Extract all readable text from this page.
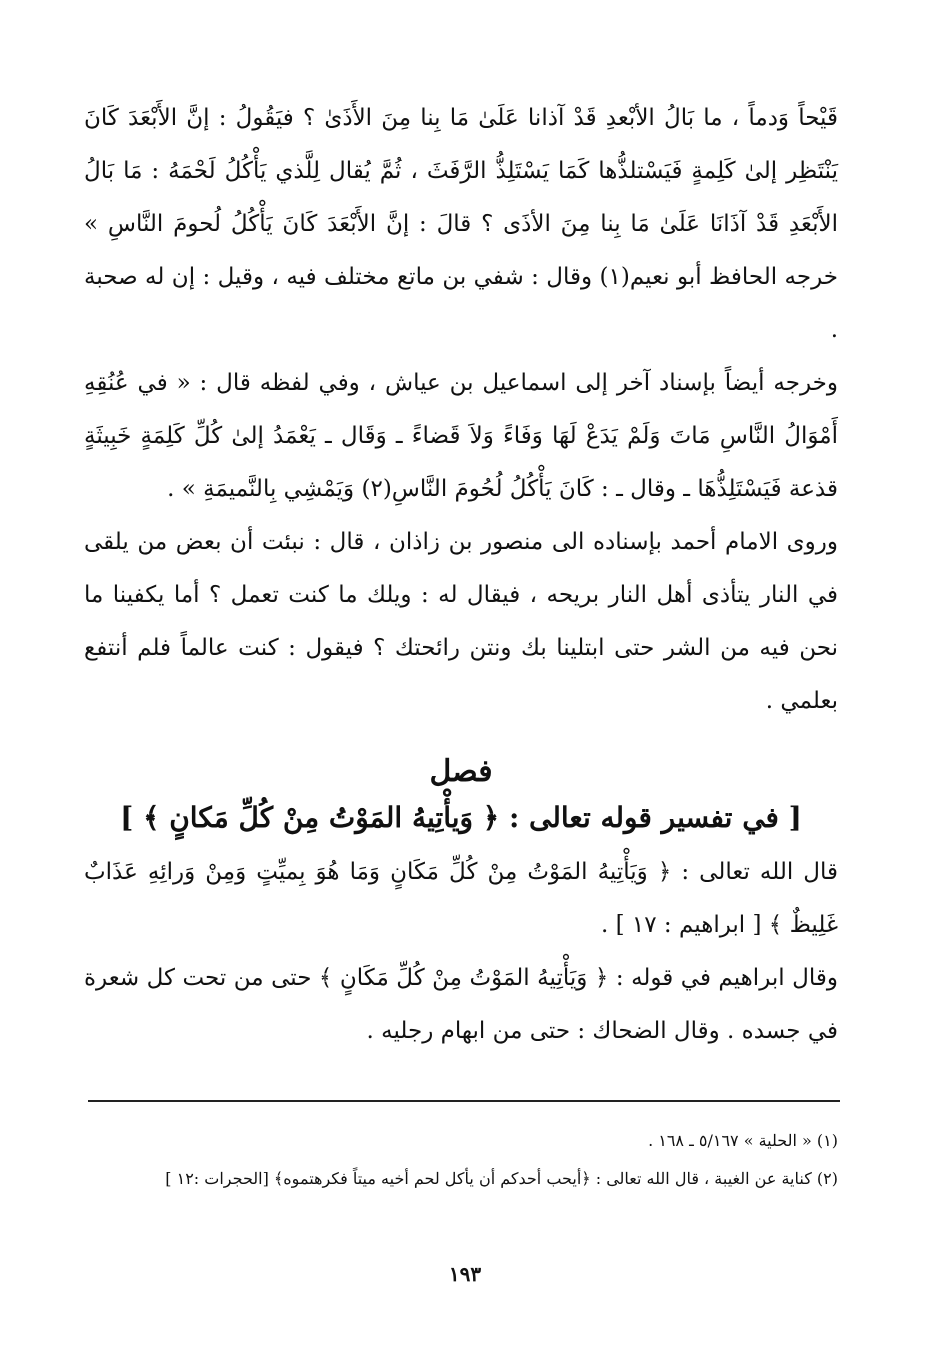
قَيْحاً وَدماً ، ما بَالُ الأبْعدِ قَدْ آذانا عَلَىٰ مَا بِنا مِنَ الأَذَىٰ ؟ فيَقُولُ : إنَّ الأَبْعَدَ كَانَ يَنْتَظِر إلىٰ كَلِمةٍ فَيَسْتلذُّها كَمَا يَسْتَلِذُّ الرَّفَثَ ، ثُمَّ يُقال لِلَّذي يَأْكُلُ لَحْمَهُ : مَا بَالُ الأَبْعَدِ قَدْ آذَانَا عَلَىٰ مَا بِنا مِنَ الأذَى ؟ قالَ : إنَّ الأَبْعَدَ كَانَ يَأْكُلُ لُحومَ النَّاسِ » خرجه الحافظ أبو نعيم(١) وقال : شفي بن ماتع مختلف فيه ، وقيل : إن له صحبة .

وخرجه أيضاً بإسناد آخر إلى اسماعيل بن عياش ، وفي لفظه قال : « في عُنُقِهِ أَمْوَالُ النَّاسِ مَاتَ وَلَمْ يَدَعْ لَهَا وَفَاءً وَلاَ قَضاءً ـ وَقَال ـ يَعْمَدُ إلىٰ كُلِّ كَلِمَةٍ خَبِيثَةٍ قذعة فَيَسْتَلِذُّهَا ـ وقال ـ : كَانَ يَأْكُلُ لُحُومَ النَّاسِ(٢) وَيَمْشِي بِالنَّميمَةِ » .

وروى الامام أحمد بإسناده الى منصور بن زاذان ، قال : نبئت أن بعض من يلقى في النار يتأذى أهل النار بريحه ، فيقال له : ويلك ما كنت تعمل ؟ أما يكفينا ما نحن فيه من الشر حتى ابتلينا بك ونتن رائحتك ؟ فيقول : كنت عالماً فلم أنتفع بعلمي .

فصل
[ في تفسير قوله تعالى : ﴿ وَيأْتِيهُ المَوْتُ مِنْ كُلِّ مَكانٍ ﴾ ]

قال الله تعالى : ﴿ وَيَأْتِيهُ المَوْتُ مِنْ كُلِّ مَكَانٍ وَمَا هُوَ بِميِّتٍ وَمِنْ وَرائِهِ عَذَابٌ غَلِيظٌ ﴾ [ ابراهيم : ١٧ ] .

وقال ابراهيم في قوله : ﴿ وَيَأْتِيهُ المَوْتُ مِنْ كُلِّ مَكَانٍ ﴾ حتى من تحت كل شعرة في جسده . وقال الضحاك : حتى من ابهام رجليه .

(١) « الحلية » ٥/١٦٧ ـ ١٦٨ .

(٢) كناية عن الغيبة ، قال الله تعالى : ﴿أيحب أحدكم أن يأكل لحم أخيه ميتاً فكرهتموه﴾ [الحجرات :١٢ ]

١٩٣
